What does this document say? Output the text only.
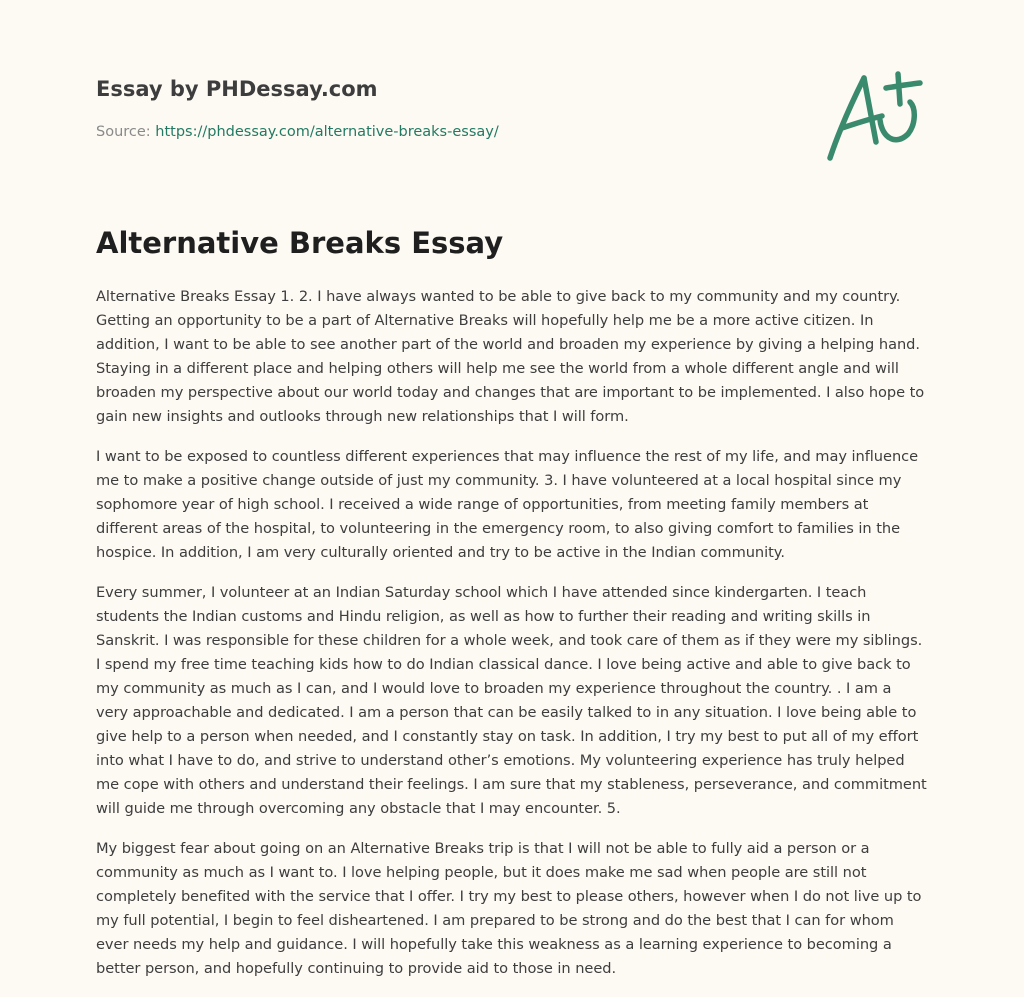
Essay by PHDessay.com
Source: https://phdessay.com/alternative-breaks-essay/
Alternative Breaks Essay

Alternative Breaks Essay 1. 2. I have always wanted to be able to give back to my community and my country. Getting an opportunity to be a part of Alternative Breaks will hopefully help me be a more active citizen. In addition, I want to be able to see another part of the world and broaden my experience by giving a helping hand. Staying in a different place and helping others will help me see the world from a whole different angle and will broaden my perspective about our world today and changes that are important to be implemented. I also hope to gain new insights and outlooks through new relationships that I will form.

I want to be exposed to countless different experiences that may influence the rest of my life, and may influence me to make a positive change outside of just my community. 3. I have volunteered at a local hospital since my sophomore year of high school. I received a wide range of opportunities, from meeting family members at different areas of the hospital, to volunteering in the emergency room, to also giving comfort to families in the hospice. In addition, I am very culturally oriented and try to be active in the Indian community.

Every summer, I volunteer at an Indian Saturday school which I have attended since kindergarten. I teach students the Indian customs and Hindu religion, as well as how to further their reading and writing skills in Sanskrit. I was responsible for these children for a whole week, and took care of them as if they were my siblings. I spend my free time teaching kids how to do Indian classical dance. I love being active and able to give back to my community as much as I can, and I would love to broaden my experience throughout the country. . I am a very approachable and dedicated. I am a person that can be easily talked to in any situation. I love being able to give help to a person when needed, and I constantly stay on task. In addition, I try my best to put all of my effort into what I have to do, and strive to understand other’s emotions. My volunteering experience has truly helped me cope with others and understand their feelings. I am sure that my stableness, perseverance, and commitment will guide me through overcoming any obstacle that I may encounter. 5.

My biggest fear about going on an Alternative Breaks trip is that I will not be able to fully aid a person or a community as much as I want to. I love helping people, but it does make me sad when people are still not completely benefited with the service that I offer. I try my best to please others, however when I do not live up to my full potential, I begin to feel disheartened. I am prepared to be strong and do the best that I can for whom ever needs my help and guidance. I will hopefully take this weakness as a learning experience to becoming a better person, and hopefully continuing to provide aid to those in need.
